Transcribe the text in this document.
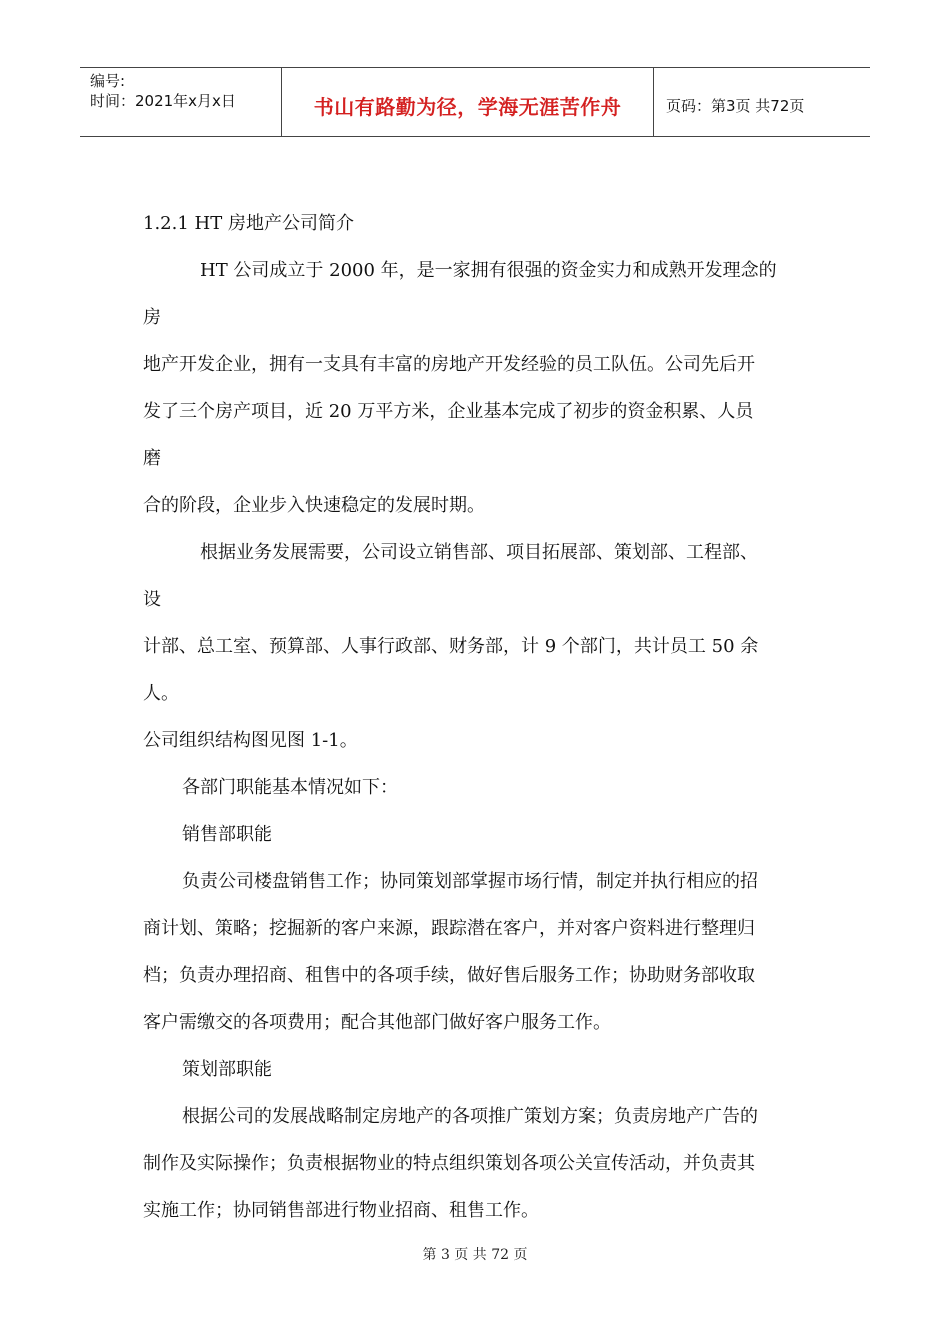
编号:
时间：2021年x月x日	书山有路勤为径，学海无涯苦作舟	页码：第3页 共72页

1.2.1 HT 房地产公司简介

HT 公司成立于 2000 年，是一家拥有很强的资金实力和成熟开发理念的

房

地产开发企业，拥有一支具有丰富的房地产开发经验的员工队伍。公司先后开

发了三个房产项目，近 20 万平方米，企业基本完成了初步的资金积累、人员

磨

合的阶段，企业步入快速稳定的发展时期。

根据业务发展需要，公司设立销售部、项目拓展部、策划部、工程部、

设

计部、总工室、预算部、人事行政部、财务部，计 9 个部门，共计员工 50 余

人。

公司组织结构图见图 1-1。

各部门职能基本情况如下：

销售部职能

负责公司楼盘销售工作；协同策划部掌握市场行情，制定并执行相应的招

商计划、策略；挖掘新的客户来源，跟踪潜在客户，并对客户资料进行整理归

档；负责办理招商、租售中的各项手续，做好售后服务工作；协助财务部收取

客户需缴交的各项费用；配合其他部门做好客户服务工作。

策划部职能

根据公司的发展战略制定房地产的各项推广策划方案；负责房地产广告的

制作及实际操作；负责根据物业的特点组织策划各项公关宣传活动，并负责其

实施工作；协同销售部进行物业招商、租售工作。

第 3 页 共 72 页
